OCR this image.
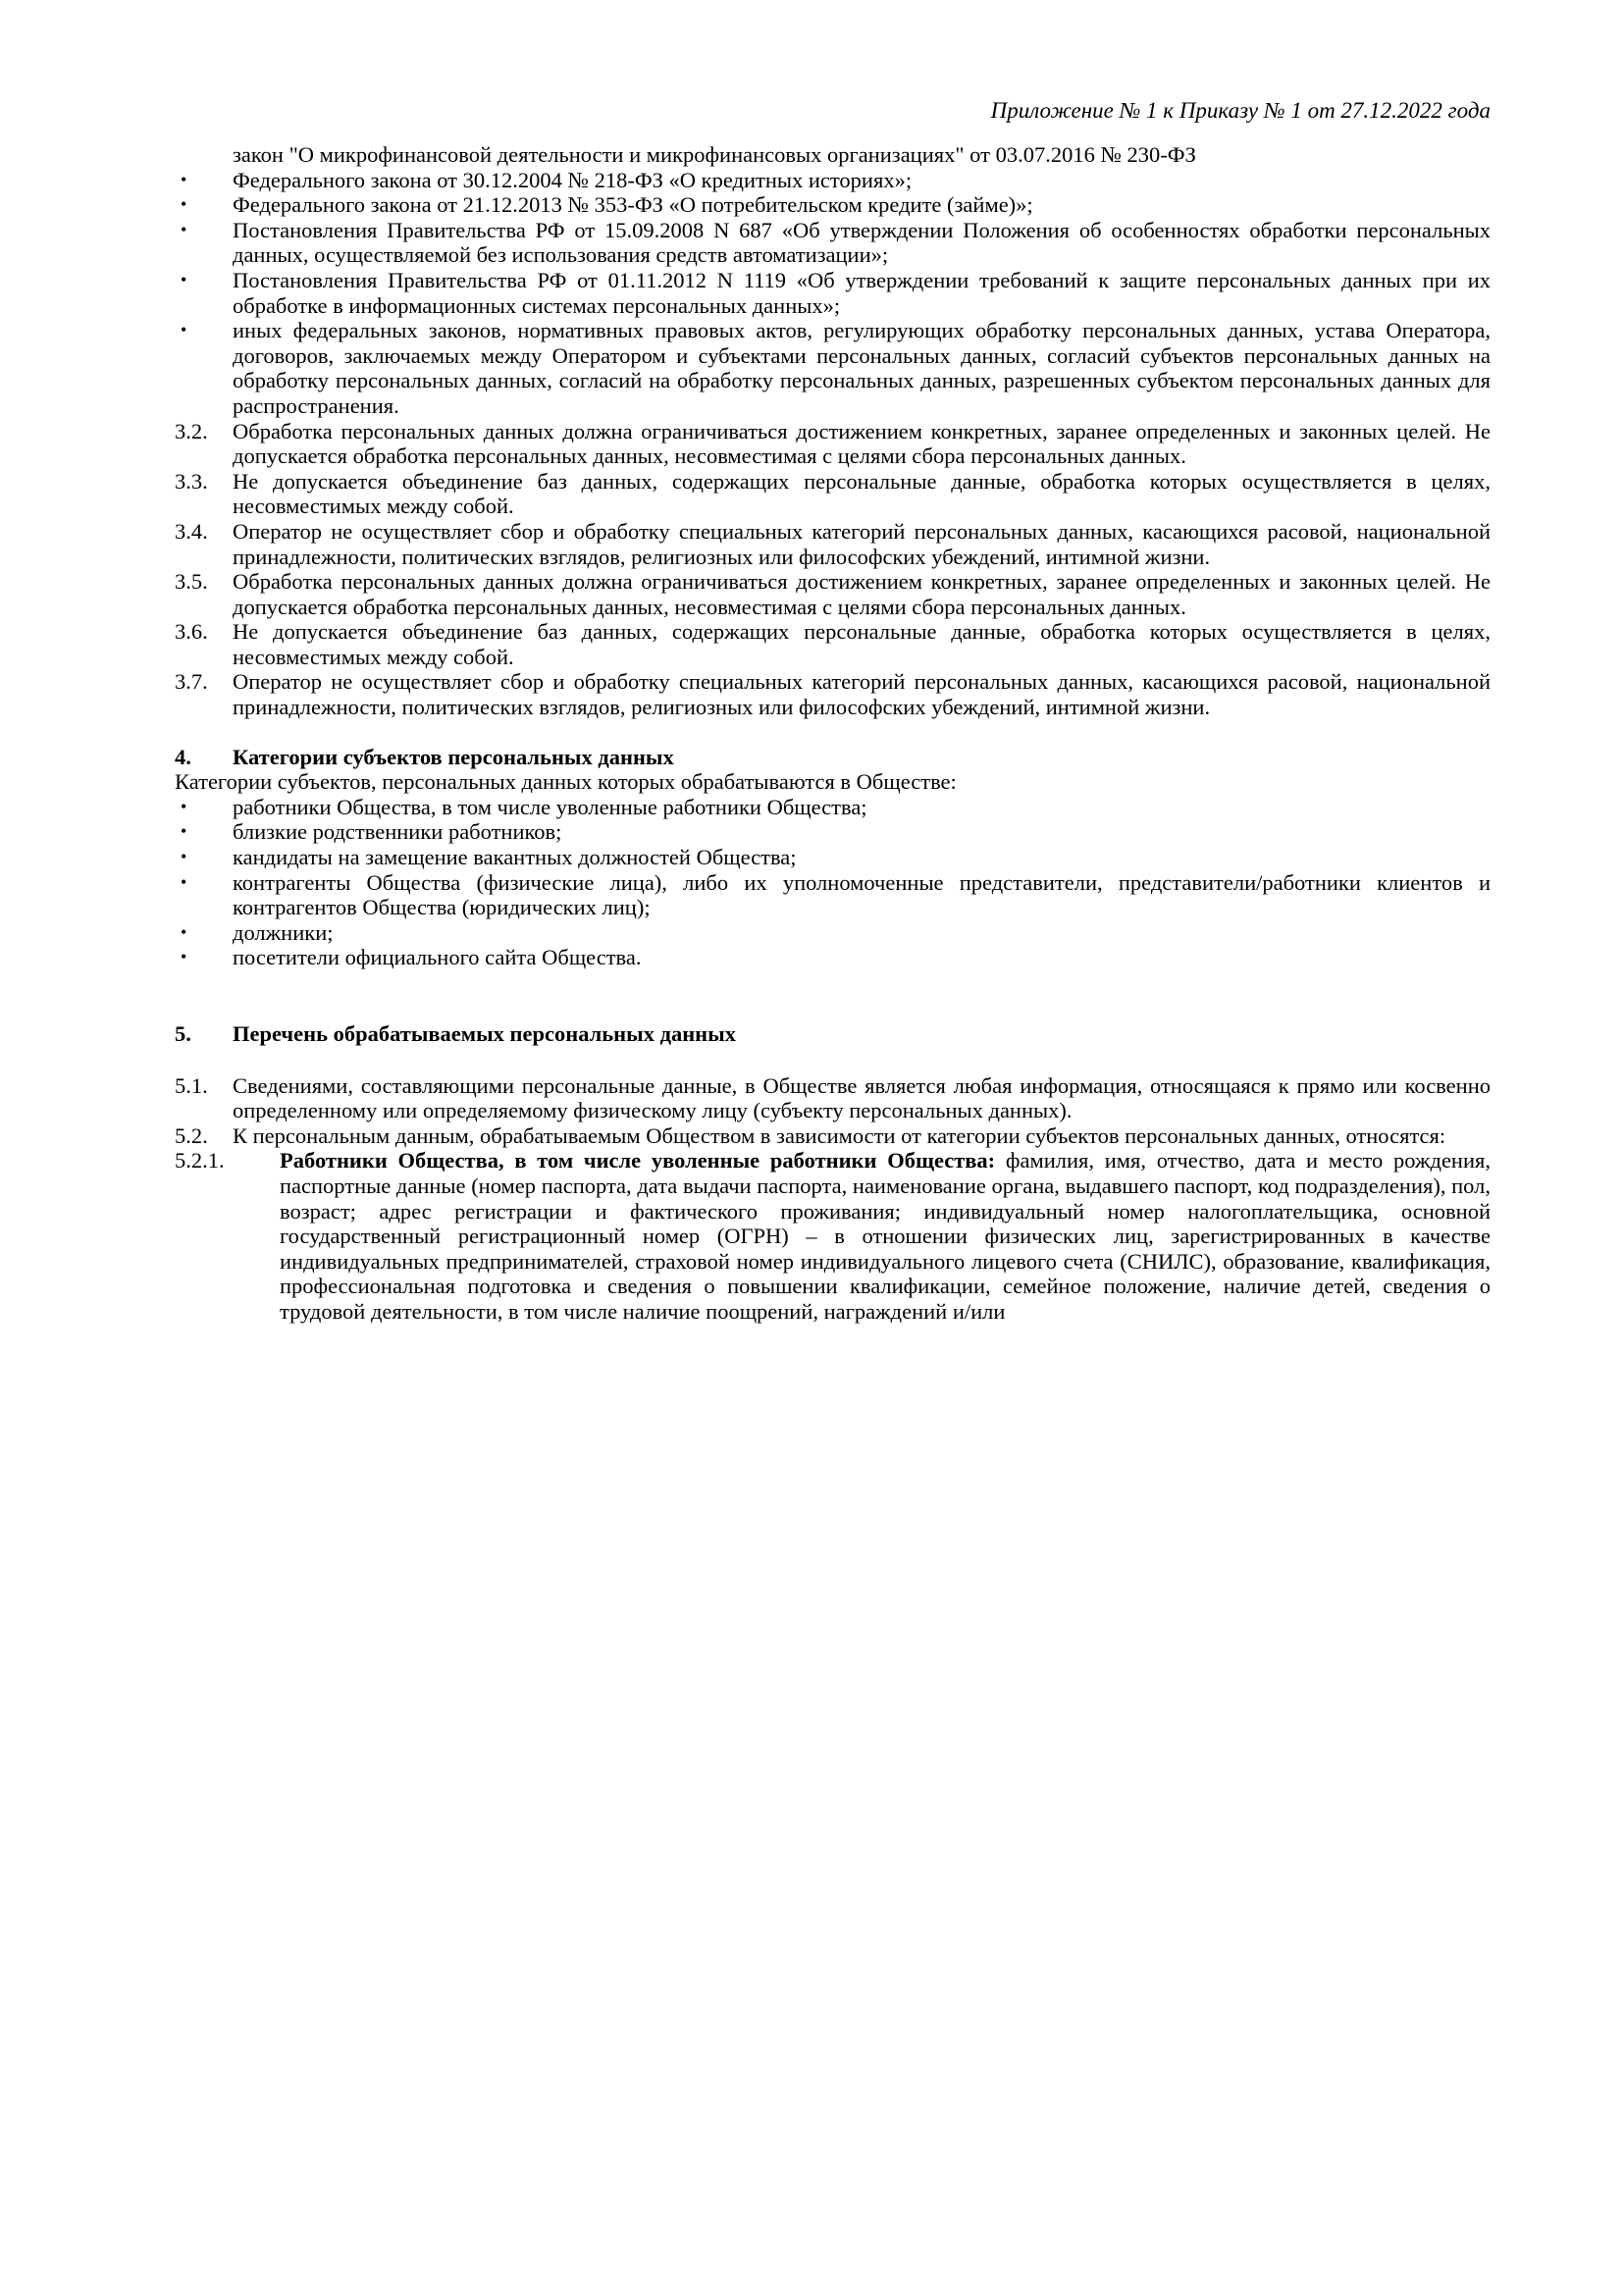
Приложение № 1 к Приказу № 1 от 27.12.2022 года

закон "О микрофинансовой деятельности и микрофинансовых организациях" от 03.07.2016 № 230-ФЗ

•	Федерального закона от 30.12.2004 № 218-ФЗ «О кредитных историях»;
•	Федерального закона от 21.12.2013 № 353-ФЗ «О потребительском кредите (займе)»;
•	Постановления Правительства РФ от 15.09.2008 N 687 «Об утверждении Положения об особенностях обработки персональных данных, осуществляемой без использования средств автоматизации»;
•	Постановления Правительства РФ от 01.11.2012 N 1119 «Об утверждении требований к защите персональных данных при их обработке в информационных системах персональных данных»;
•	иных федеральных законов, нормативных правовых актов, регулирующих обработку персональных данных, устава Оператора, договоров, заключаемых между Оператором и субъектами персональных данных, согласий субъектов персональных данных на обработку персональных данных, согласий на обработку персональных данных, разрешенных субъектом персональных данных для распространения.
3.2.	Обработка персональных данных должна ограничиваться достижением конкретных, заранее определенных и законных целей. Не допускается обработка персональных данных, несовместимая с целями сбора персональных данных.
3.3.	Не допускается объединение баз данных, содержащих персональные данные, обработка которых осуществляется в целях, несовместимых между собой.
3.4.	Оператор не осуществляет сбор и обработку специальных категорий персональных данных, касающихся расовой, национальной принадлежности, политических взглядов, религиозных или философских убеждений, интимной жизни.
3.5.	Обработка персональных данных должна ограничиваться достижением конкретных, заранее определенных и законных целей. Не допускается обработка персональных данных, несовместимая с целями сбора персональных данных.
3.6.	Не допускается объединение баз данных, содержащих персональные данные, обработка которых осуществляется в целях, несовместимых между собой.
3.7.	Оператор не осуществляет сбор и обработку специальных категорий персональных данных, касающихся расовой, национальной принадлежности, политических взглядов, религиозных или философских убеждений, интимной жизни.
4.	Категории субъектов персональных данных

Категории субъектов, персональных данных которых обрабатываются в Обществе:

•	работники Общества, в том числе уволенные работники Общества;
•	близкие родственники работников;
•	кандидаты на замещение вакантных должностей Общества;
•	контрагенты Общества (физические лица), либо их уполномоченные представители, представители/работники клиентов и контрагентов Общества (юридических лиц);
•	должники;
•	посетители официального сайта Общества.
5.	Перечень обрабатываемых персональных данных
5.1.	Сведениями, составляющими персональные данные, в Обществе является любая информация, относящаяся к прямо или косвенно определенному или определяемому физическому лицу (субъекту персональных данных).
5.2.	К персональным данным, обрабатываемым Обществом в зависимости от категории субъектов персональных данных, относятся:
5.2.1.	Работники Общества, в том числе уволенные работники Общества: фамилия, имя, отчество, дата и место рождения, паспортные данные (номер паспорта, дата выдачи паспорта, наименование органа, выдавшего паспорт, код подразделения), пол, возраст; адрес регистрации и фактического проживания; индивидуальный номер налогоплательщика, основной государственный регистрационный номер (ОГРН) – в отношении физических лиц, зарегистрированных в качестве индивидуальных предпринимателей, страховой номер индивидуального лицевого счета (СНИЛС), образование, квалификация, профессиональная подготовка и сведения о повышении квалификации, семейное положение, наличие детей, сведения о трудовой деятельности, в том числе наличие поощрений, награждений и/или
